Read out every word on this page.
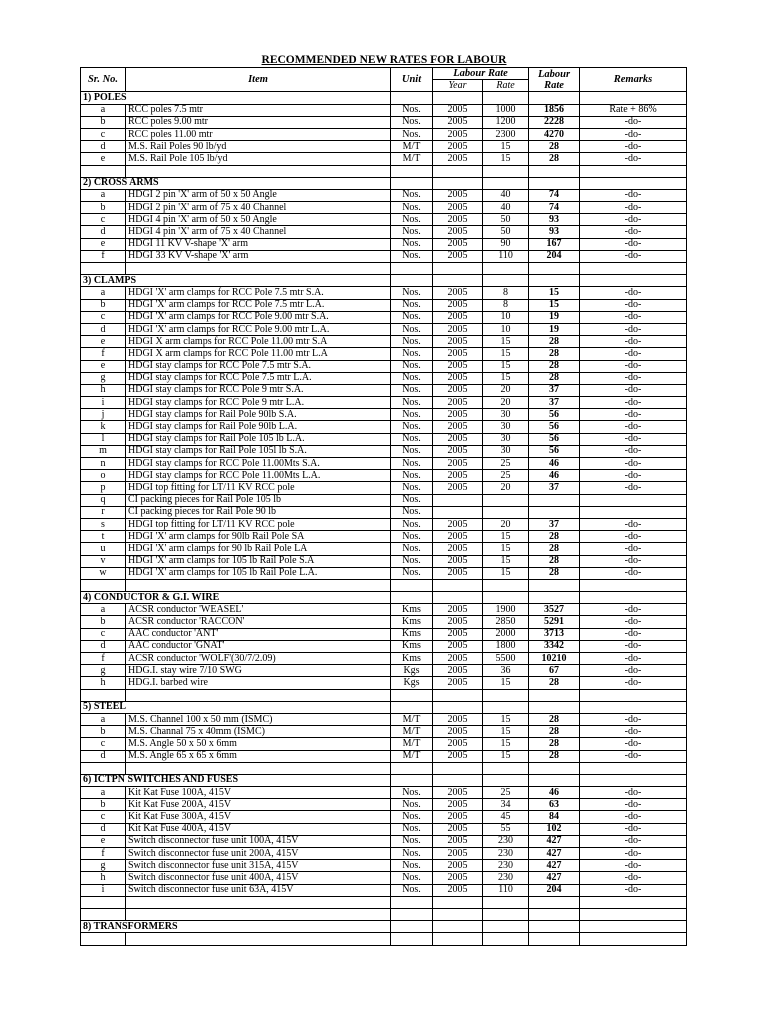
RECOMMENDED NEW RATES FOR LABOUR
Sr. No.	Item	Unit	Labour Rate		Labour Rate	Remarks
			Year	Rate		
1) POLES						
a	RCC poles 7.5 mtr	Nos.	2005	1000	1856	Rate + 86%
b	RCC poles 9.00 mtr	Nos.	2005	1200	2228	-do-
c	RCC poles 11.00 mtr	Nos.	2005	2300	4270	-do-
d	M.S. Rail Poles 90 lb/yd	M/T	2005	15	28	-do-
e	M.S. Rail Pole 105 lb/yd	M/T	2005	15	28	-do-

2) CROSS ARMS						
a	HDGI 2 pin 'X' arm of 50 x 50 Angle	Nos.	2005	40	74	-do-
b	HDGI 2 pin 'X' arm of 75 x 40 Channel	Nos.	2005	40	74	-do-
c	HDGI 4 pin 'X' arm of 50 x 50 Angle	Nos.	2005	50	93	-do-
d	HDGI 4 pin 'X' arm of 75 x 40 Channel	Nos.	2005	50	93	-do-
e	HDGI 11 KV V-shape 'X' arm	Nos.	2005	90	167	-do-
f	HDGI 33 KV V-shape 'X' arm	Nos.	2005	110	204	-do-

3) CLAMPS						
a	HDGI 'X' arm clamps for RCC Pole 7.5 mtr S.A.	Nos.	2005	8	15	-do-
b	HDGI 'X' arm clamps for RCC Pole 7.5 mtr L.A.	Nos.	2005	8	15	-do-
c	HDGI 'X' arm clamps for RCC Pole 9.00 mtr S.A.	Nos.	2005	10	19	-do-
d	HDGI 'X' arm clamps for RCC Pole 9.00 mtr L.A.	Nos.	2005	10	19	-do-
e	HDGI X arm clamps for RCC Pole 11.00 mtr S.A	Nos.	2005	15	28	-do-
f	HDGI X arm clamps for RCC Pole 11.00 mtr L.A	Nos.	2005	15	28	-do-
e	HDGI stay clamps for RCC Pole 7.5 mtr S.A.	Nos.	2005	15	28	-do-
g	HDGI stay clamps for RCC Pole 7.5 mtr L.A.	Nos.	2005	15	28	-do-
h	HDGI stay clamps for RCC Pole 9 mtr S.A.	Nos.	2005	20	37	-do-
i	HDGI stay clamps for RCC Pole 9 mtr L.A.	Nos.	2005	20	37	-do-
j	HDGI stay clamps for Rail Pole 90lb S.A.	Nos.	2005	30	56	-do-
k	HDGI stay clamps for Rail Pole 90lb L.A.	Nos.	2005	30	56	-do-
l	HDGI stay clamps for Rail Pole 105 lb L.A.	Nos.	2005	30	56	-do-
m	HDGI stay clamps for Rail Pole 105l lb S.A.	Nos.	2005	30	56	-do-
n	HDGI stay clamps for RCC Pole 11.00Mts S.A.	Nos.	2005	25	46	-do-
o	HDGI stay clamps for RCC Pole 11.00Mts L.A.	Nos.	2005	25	46	-do-
p	HDGI top fitting for LT/11 KV RCC pole	Nos.	2005	20	37	-do-
q	CI packing pieces for Rail Pole 105 lb	Nos.				
r	CI packing pieces for Rail Pole 90 lb	Nos.				
s	HDGI top fitting for LT/11 KV RCC pole	Nos.	2005	20	37	-do-
t	HDGI 'X' arm clamps for 90lb Rail Pole SA	Nos.	2005	15	28	-do-
u	HDGI 'X' arm clamps for 90 lb Rail Pole LA	Nos.	2005	15	28	-do-
v	HDGI 'X' arm clamps for 105 lb Rail Pole S.A	Nos.	2005	15	28	-do-
w	HDGI 'X' arm clamps for 105 lb Rail Pole L.A.	Nos.	2005	15	28	-do-

4) CONDUCTOR & G.I. WIRE						
a	ACSR conductor 'WEASEL'	Kms	2005	1900	3527	-do-
b	ACSR conductor 'RACCON'	Kms	2005	2850	5291	-do-
c	AAC conductor 'ANT'	Kms	2005	2000	3713	-do-
d	AAC conductor 'GNAT'	Kms	2005	1800	3342	-do-
f	ACSR conductor 'WOLF'(30/7/2.09)	Kms	2005	5500	10210	-do-
g	HDG.I. stay wire 7/10 SWG	Kgs	2005	36	67	-do-
h	HDG.I. barbed wire	Kgs	2005	15	28	-do-

5) STEEL						
a	M.S. Channel 100 x 50 mm (ISMC)	M/T	2005	15	28	-do-
b	M.S. Channal 75 x 40mm (ISMC)	M/T	2005	15	28	-do-
c	M.S. Angle 50 x 50 x 6mm	M/T	2005	15	28	-do-
d	M.S. Angle 65 x 65 x 6mm	M/T	2005	15	28	-do-

6) ICTPN SWITCHES AND FUSES						
a	Kit Kat Fuse 100A, 415V	Nos.	2005	25	46	-do-
b	Kit Kat Fuse 200A, 415V	Nos.	2005	34	63	-do-
c	Kit Kat Fuse 300A, 415V	Nos.	2005	45	84	-do-
d	Kit Kat Fuse 400A, 415V	Nos.	2005	55	102	-do-
e	Switch disconnector fuse unit 100A, 415V	Nos.	2005	230	427	-do-
f	Switch disconnector fuse unit 200A, 415V	Nos.	2005	230	427	-do-
g	Switch disconnector fuse unit 315A, 415V	Nos.	2005	230	427	-do-
h	Switch disconnector fuse unit 400A, 415V	Nos.	2005	230	427	-do-
i	Switch disconnector fuse unit 63A, 415V	Nos.	2005	110	204	-do-

8) TRANSFORMERS						
